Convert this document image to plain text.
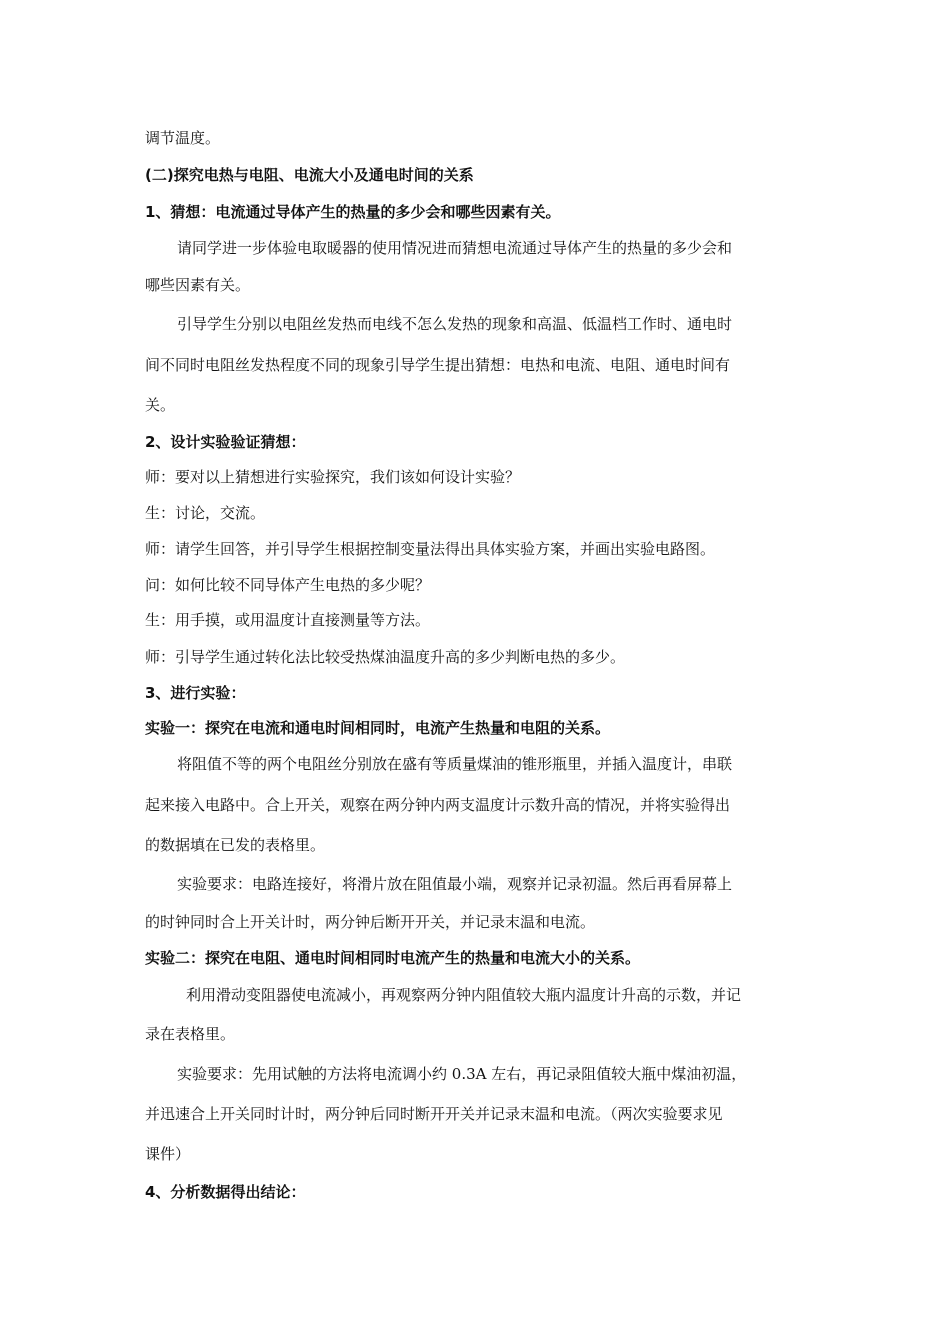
调节温度。
(二)探究电热与电阻、电流大小及通电时间的关系
1、猜想：电流通过导体产生的热量的多少会和哪些因素有关。
请同学进一步体验电取暖器的使用情况进而猜想电流通过导体产生的热量的多少会和
哪些因素有关。
引导学生分别以电阻丝发热而电线不怎么发热的现象和高温、低温档工作时、通电时
间不同时电阻丝发热程度不同的现象引导学生提出猜想：电热和电流、电阻、通电时间有
关。
2、设计实验验证猜想：
师：要对以上猜想进行实验探究，我们该如何设计实验？
生：讨论，交流。
师：请学生回答，并引导学生根据控制变量法得出具体实验方案，并画出实验电路图。
问：如何比较不同导体产生电热的多少呢？
生：用手摸，或用温度计直接测量等方法。
师：引导学生通过转化法比较受热煤油温度升高的多少判断电热的多少。
3、进行实验：
实验一：探究在电流和通电时间相同时，电流产生热量和电阻的关系。
将阻值不等的两个电阻丝分别放在盛有等质量煤油的锥形瓶里，并插入温度计，串联
起来接入电路中。合上开关，观察在两分钟内两支温度计示数升高的情况，并将实验得出
的数据填在已发的表格里。
实验要求：电路连接好，将滑片放在阻值最小端，观察并记录初温。然后再看屏幕上
的时钟同时合上开关计时，两分钟后断开开关，并记录末温和电流。
实验二：探究在电阻、通电时间相同时电流产生的热量和电流大小的关系。
利用滑动变阻器使电流减小，再观察两分钟内阻值较大瓶内温度计升高的示数，并记
录在表格里。
实验要求：先用试触的方法将电流调小约 0.3A 左右，再记录阻值较大瓶中煤油初温，
并迅速合上开关同时计时，两分钟后同时断开开关并记录末温和电流。（两次实验要求见
课件）
4、分析数据得出结论：
